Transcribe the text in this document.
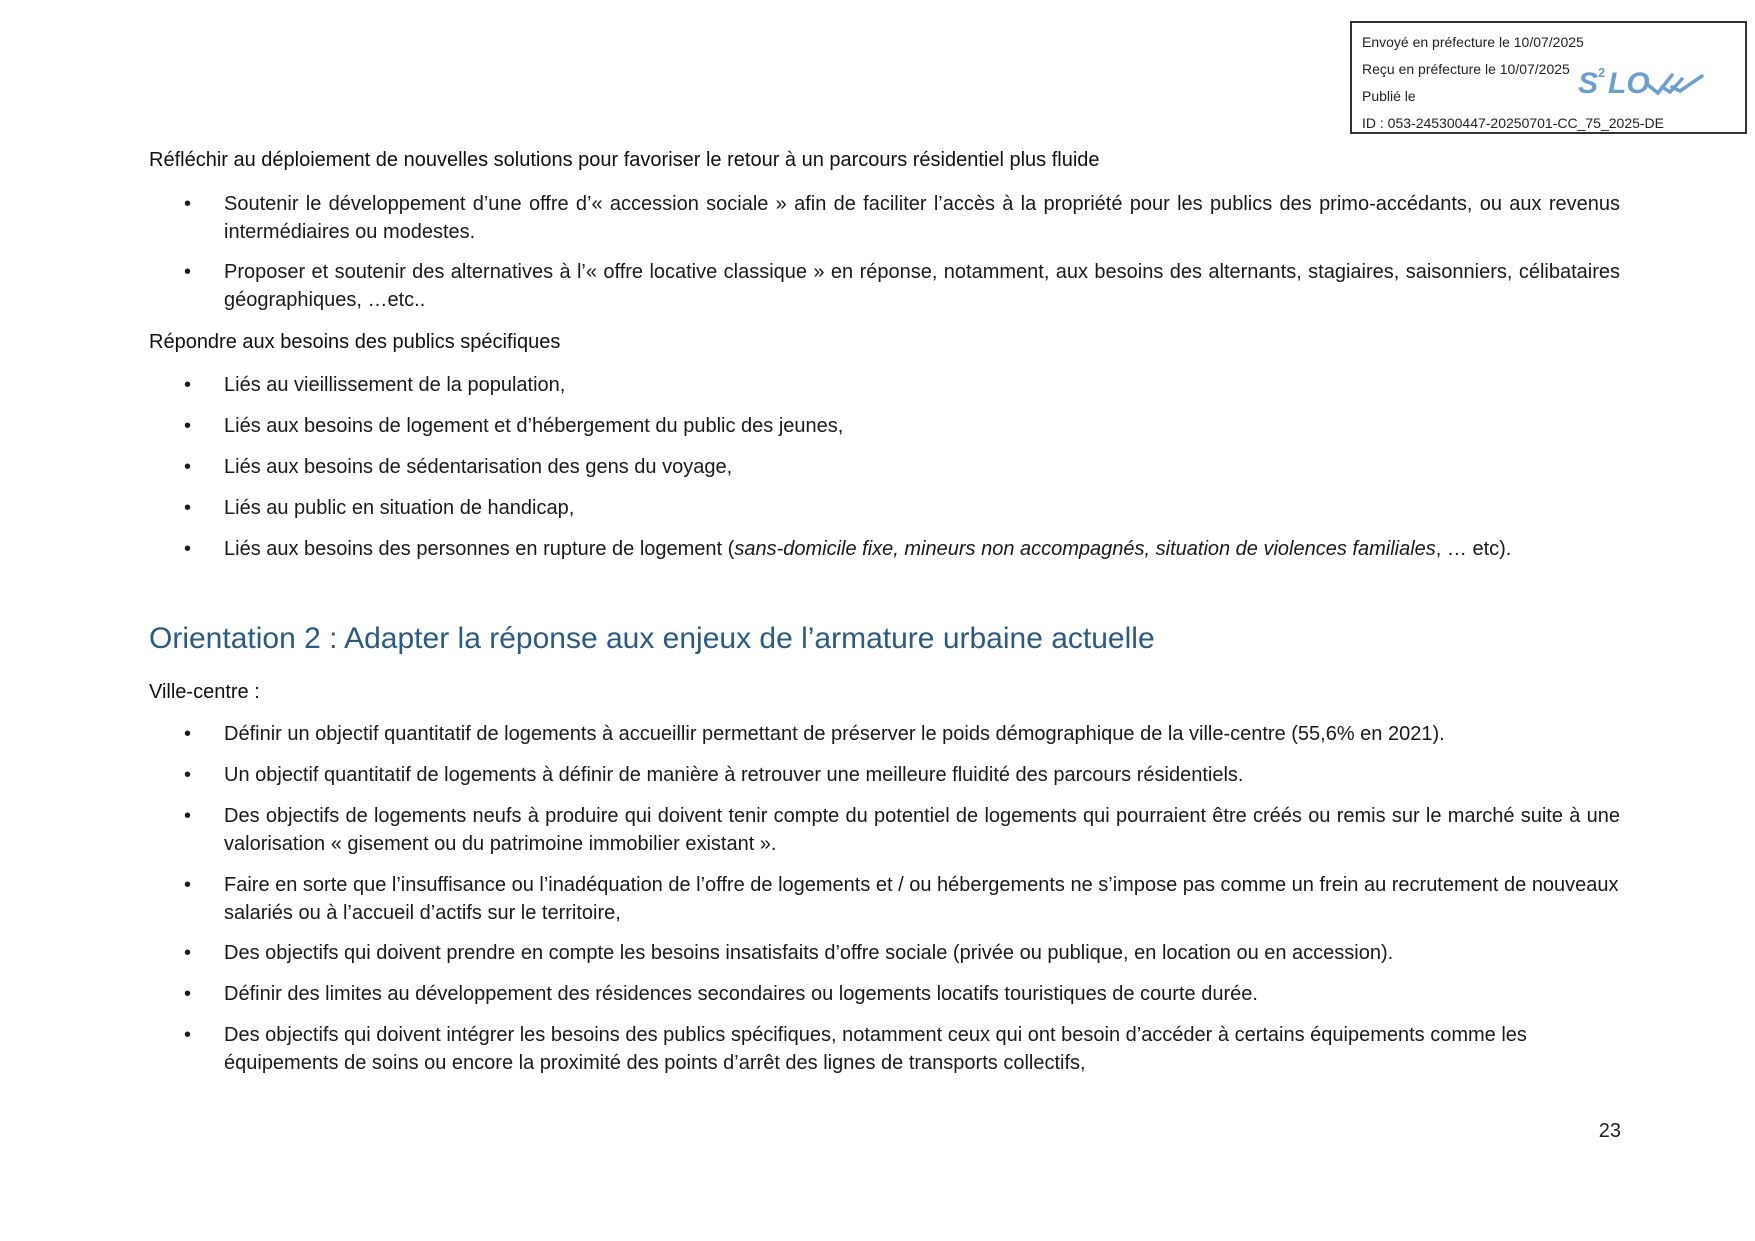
Envoyé en préfecture le 10/07/2025
Reçu en préfecture le 10/07/2025
Publié le
ID : 053-245300447-20250701-CC_75_2025-DE
S 2 LO
Réfléchir au déploiement de nouvelles solutions pour favoriser le retour à un parcours résidentiel plus fluide
• Soutenir le développement d’une offre d’« accession sociale » afin de faciliter l’accès à la propriété pour les publics des primo-accédants, ou aux revenus intermédiaires ou modestes.
• Proposer et soutenir des alternatives à l’« offre locative classique » en réponse, notamment, aux besoins des alternants, stagiaires, saisonniers, célibataires géographiques, …etc..
Répondre aux besoins des publics spécifiques
• Liés au vieillissement de la population,
• Liés aux besoins de logement et d’hébergement du public des jeunes,
• Liés aux besoins de sédentarisation des gens du voyage,
• Liés au public en situation de handicap,
• Liés aux besoins des personnes en rupture de logement (sans-domicile fixe, mineurs non accompagnés, situation de violences familiales, … etc).
Orientation 2 : Adapter la réponse aux enjeux de l’armature urbaine actuelle
Ville-centre :
• Définir un objectif quantitatif de logements à accueillir permettant de préserver le poids démographique de la ville-centre (55,6% en 2021).
• Un objectif quantitatif de logements à définir de manière à retrouver une meilleure fluidité des parcours résidentiels.
• Des objectifs de logements neufs à produire qui doivent tenir compte du potentiel de logements qui pourraient être créés ou remis sur le marché suite à une valorisation « gisement ou du patrimoine immobilier existant ».
• Faire en sorte que l’insuffisance ou l’inadéquation de l’offre de logements et / ou hébergements ne s’impose pas comme un frein au recrutement de nouveaux salariés ou à l’accueil d’actifs sur le territoire,
• Des objectifs qui doivent prendre en compte les besoins insatisfaits d’offre sociale (privée ou publique, en location ou en accession).
• Définir des limites au développement des résidences secondaires ou logements locatifs touristiques de courte durée.
• Des objectifs qui doivent intégrer les besoins des publics spécifiques, notamment ceux qui ont besoin d’accéder à certains équipements comme les équipements de soins ou encore la proximité des points d’arrêt des lignes de transports collectifs,
23
